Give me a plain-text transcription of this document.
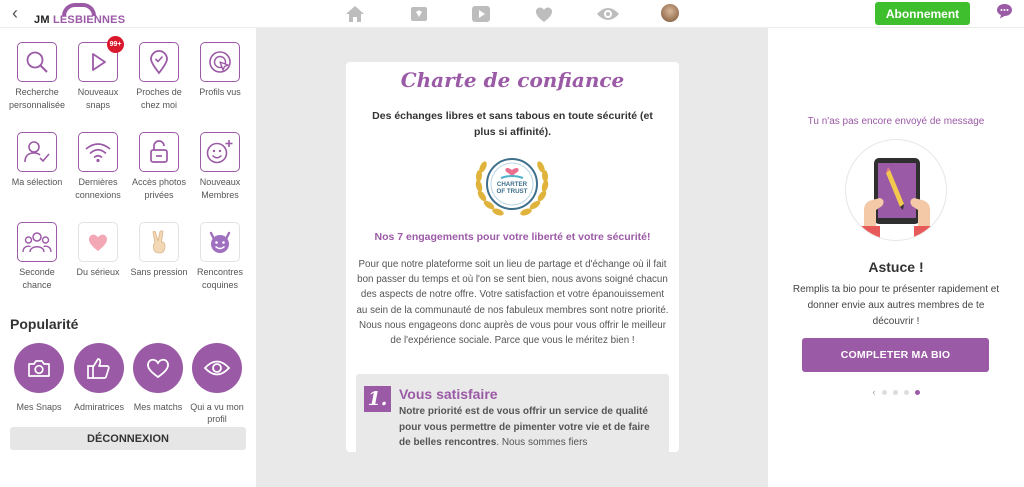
‹ JM LESBIENNES	Abonnement
Recherche personnalisée
99+
Nouveaux snaps
Proches de chez moi
Profils vus
Ma sélection	Dernières connexions
Accès photos privées
Nouveaux Membres
Seconde chance
Du sérieux	Sans pression	Rencontres coquines
Popularité
Mes Snaps	Admiratrices	Mes matchs Qui a vu mon profil
DÉCONNEXION
Charte de confiance
Des échanges libres et sans tabous en toute sécurité (et plus si affinité).
CHARTER
OF TRUST
Nos 7 engagements pour votre liberté et votre sécurité!
Pour que notre plateforme soit un lieu de partage et d'échange où il fait bon passer du temps et où l'on se sent bien, nous avons soigné chacun des aspects de notre offre. Votre satisfaction et votre épanouissement au sein de la communauté de nos fabuleux membres sont notre priorité. Nous nous engageons donc auprès de vous pour vous offrir le meilleur de l'expérience sociale. Parce que vous le méritez bien !
1. Vous satisfaire
Notre priorité est de vous offrir un service de qualité pour vous permettre de pimenter votre vie et de faire de belles rencontres. Nous sommes fiers
Tu n'as pas encore envoyé de message
Astuce !
Remplis ta bio pour te présenter rapidement et donner envie aux autres membres de te découvrir !
COMPLETER MA BIO
‹
